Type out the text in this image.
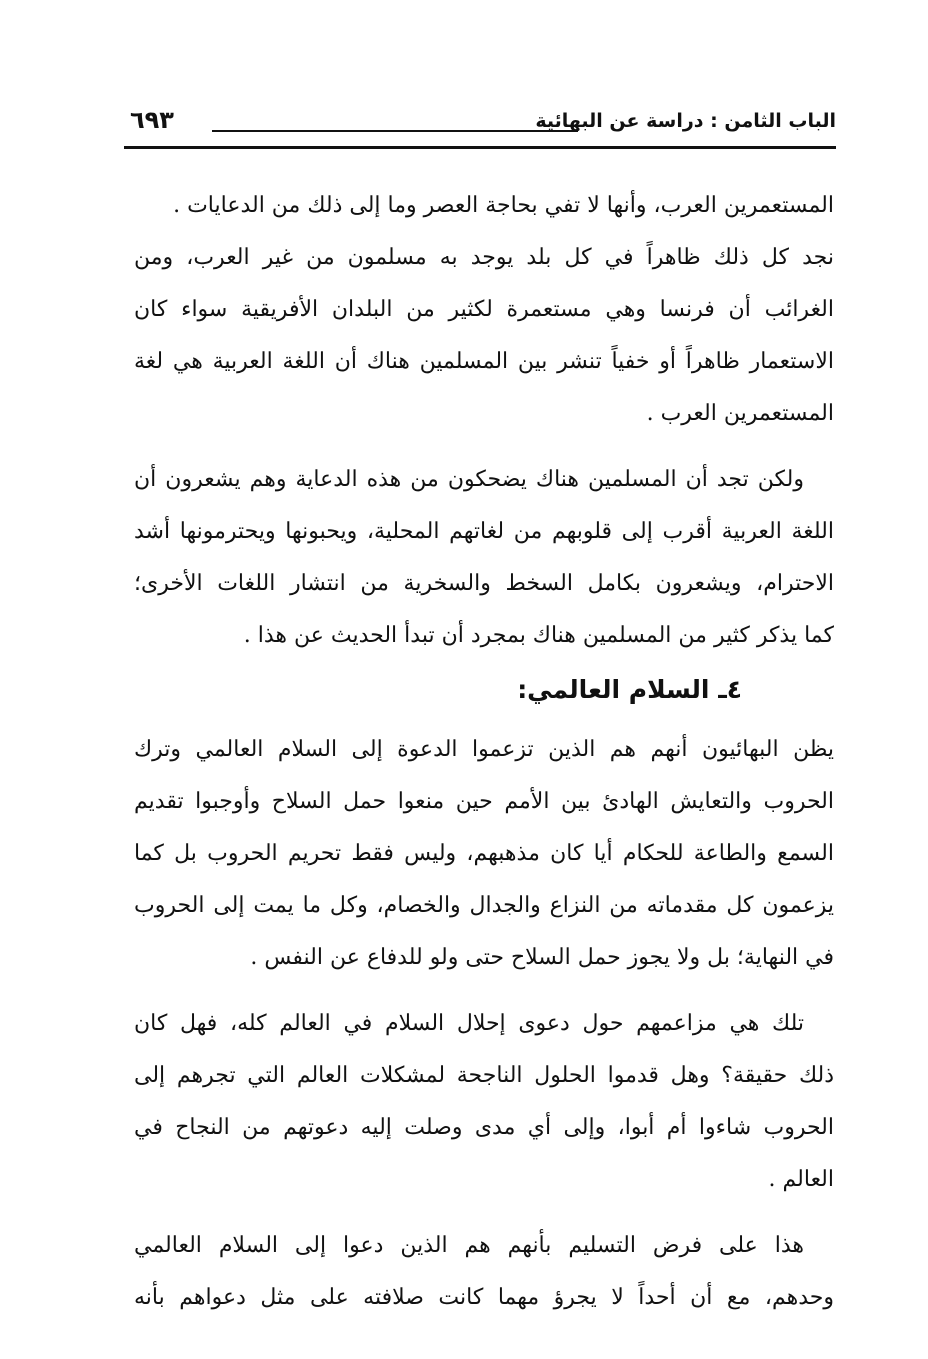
الباب الثامن : دراسة عن البهائية
٦٩٣
المستعمرين العرب، وأنها لا تفي بحاجة العصر وما إلى ذلك من الدعايات .
نجد كل ذلك ظاهراً في كل بلد يوجد به مسلمون من غير العرب، ومن
الغرائب أن فرنسا وهي مستعمرة لكثير من البلدان الأفريقية سواء كان
الاستعمار ظاهراً أو خفياً تنشر بين المسلمين هناك أن اللغة العربية هي لغة
المستعمرين العرب .
ولكن تجد أن المسلمين هناك يضحكون من هذه الدعاية وهم يشعرون أن
اللغة العربية أقرب إلى قلوبهم من لغاتهم المحلية، ويحبونها ويحترمونها أشد
الاحترام، ويشعرون بكامل السخط والسخرية من انتشار اللغات الأخرى؛
كما يذكر كثير من المسلمين هناك بمجرد أن تبدأ الحديث عن هذا .
٤ـ السلام العالمي:
يظن البهائيون أنهم هم الذين تزعموا الدعوة إلى السلام العالمي وترك
الحروب والتعايش الهادئ بين الأمم حين منعوا حمل السلاح وأوجبوا تقديم
السمع والطاعة للحكام أيا كان مذهبهم، وليس فقط تحريم الحروب بل كما
يزعمون كل مقدماته من النزاع والجدال والخصام، وكل ما يمت إلى الحروب
في النهاية؛ بل ولا يجوز حمل السلاح حتى ولو للدفاع عن النفس .
تلك هي مزاعمهم حول دعوى إحلال السلام في العالم كله، فهل كان
ذلك حقيقة؟ وهل قدموا الحلول الناجحة لمشكلات العالم التي تجرهم إلى
الحروب شاءوا أم أبوا، وإلى أي مدى وصلت إليه دعوتهم من النجاح في
العالم .
هذا على فرض التسليم بأنهم هم الذين دعوا إلى السلام العالمي
وحدهم، مع أن أحداً لا يجرؤ مهما كانت صلافته على مثل دعواهم بأنه
